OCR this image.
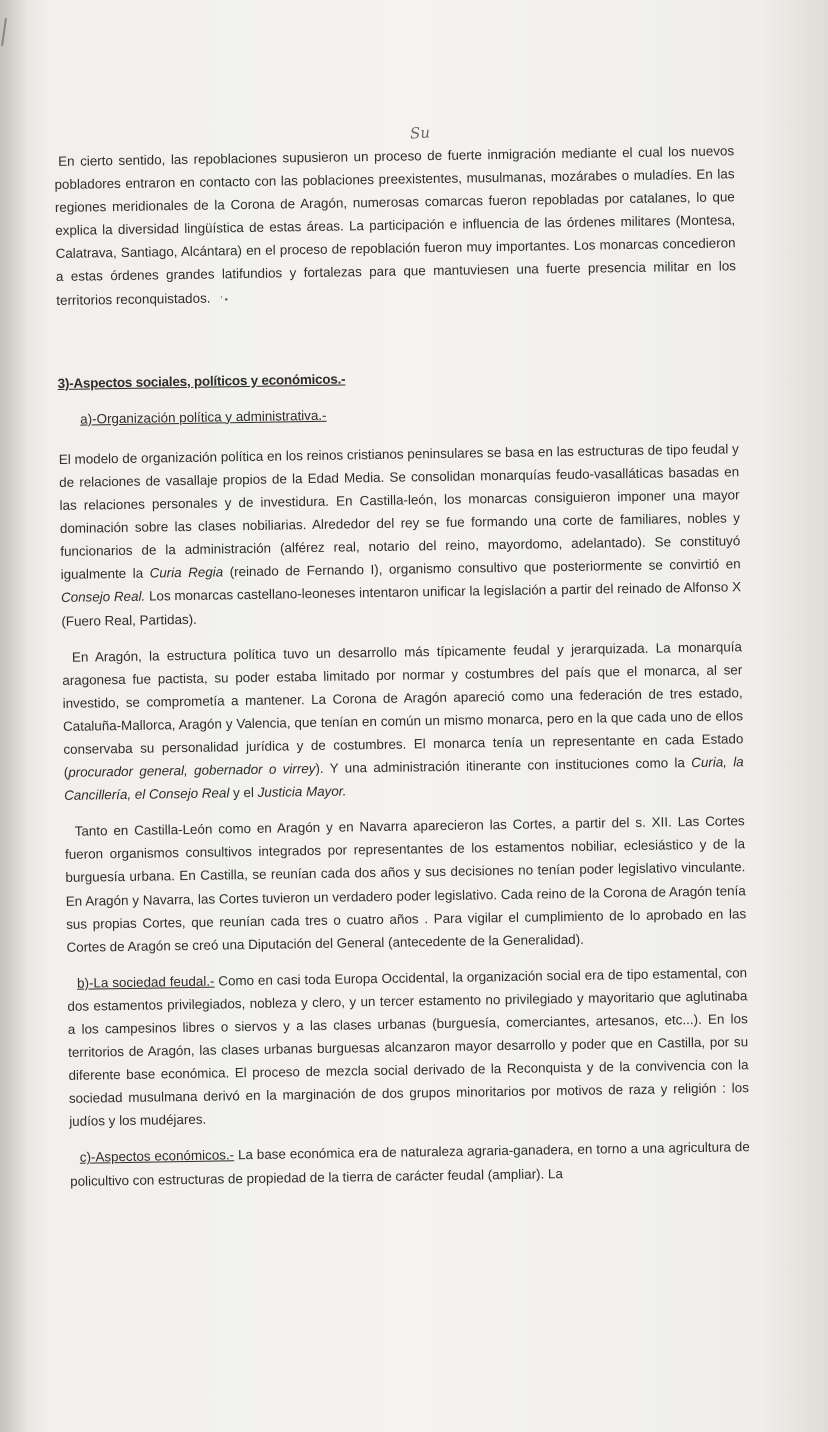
Su

En cierto sentido, las repoblaciones supusieron un proceso de fuerte inmigración mediante el cual los nuevos pobladores entraron en contacto con las poblaciones preexistentes, musulmanas, mozárabes o muladíes. En las regiones meridionales de la Corona de Aragón, numerosas comarcas fueron repobladas por catalanes, lo que explica la diversidad lingüística de estas áreas. La participación e influencia de las órdenes militares (Montesa, Calatrava, Santiago, Alcántara) en el proceso de repoblación fueron muy importantes. Los monarcas concedieron a estas órdenes grandes latifundios y fortalezas para que mantuviesen una fuerte presencia militar en los territorios reconquistados. ' •

3)-Aspectos sociales, políticos y económicos.-

a)-Organización política y administrativa.-

El modelo de organización política en los reinos cristianos peninsulares se basa en las estructuras de tipo feudal y de relaciones de vasallaje propios de la Edad Media. Se consolidan monarquías feudo-vasalláticas basadas en las relaciones personales y de investidura. En Castilla-león, los monarcas consiguieron imponer una mayor dominación sobre las clases nobiliarias. Alrededor del rey se fue formando una corte de familiares, nobles y funcionarios de la administración (alférez real, notario del reino, mayordomo, adelantado). Se constituyó igualmente la Curia Regia (reinado de Fernando I), organismo consultivo que posteriormente se convirtió en Consejo Real. Los monarcas castellano-leoneses intentaron unificar la legislación a partir del reinado de Alfonso X (Fuero Real, Partidas).

En Aragón, la estructura política tuvo un desarrollo más típicamente feudal y jerarquizada. La monarquía aragonesa fue pactista, su poder estaba limitado por normar y costumbres del país que el monarca, al ser investido, se comprometía a mantener. La Corona de Aragón apareció como una federación de tres estado, Cataluña-Mallorca, Aragón y Valencia, que tenían en común un mismo monarca, pero en la que cada uno de ellos conservaba su personalidad jurídica y de costumbres. El monarca tenía un representante en cada Estado (procurador general, gobernador o virrey). Y una administración itinerante con instituciones como la Curia, la Cancillería, el Consejo Real y el Justicia Mayor.

Tanto en Castilla-León como en Aragón y en Navarra aparecieron las Cortes, a partir del s. XII. Las Cortes fueron organismos consultivos integrados por representantes de los estamentos nobiliar, eclesiástico y de la burguesía urbana. En Castilla, se reunían cada dos años y sus decisiones no tenían poder legislativo vinculante. En Aragón y Navarra, las Cortes tuvieron un verdadero poder legislativo. Cada reino de la Corona de Aragón tenía sus propias Cortes, que reunían cada tres o cuatro años . Para vigilar el cumplimiento de lo aprobado en las Cortes de Aragón se creó una Diputación del General (antecedente de la Generalidad).

b)-La sociedad feudal.- Como en casi toda Europa Occidental, la organización social era de tipo estamental, con dos estamentos privilegiados, nobleza y clero, y un tercer estamento no privilegiado y mayoritario que aglutinaba a los campesinos libres o siervos y a las clases urbanas (burguesía, comerciantes, artesanos, etc...). En los territorios de Aragón, las clases urbanas burguesas alcanzaron mayor desarrollo y poder que en Castilla, por su diferente base económica. El proceso de mezcla social derivado de la Reconquista y de la convivencia con la sociedad musulmana derivó en la marginación de dos grupos minoritarios por motivos de raza y religión : los judíos y los mudéjares.

c)-Aspectos económicos.- La base económica era de naturaleza agraria-ganadera, en torno a una agricultura de policultivo con estructuras de propiedad de la tierra de carácter feudal (ampliar). La
